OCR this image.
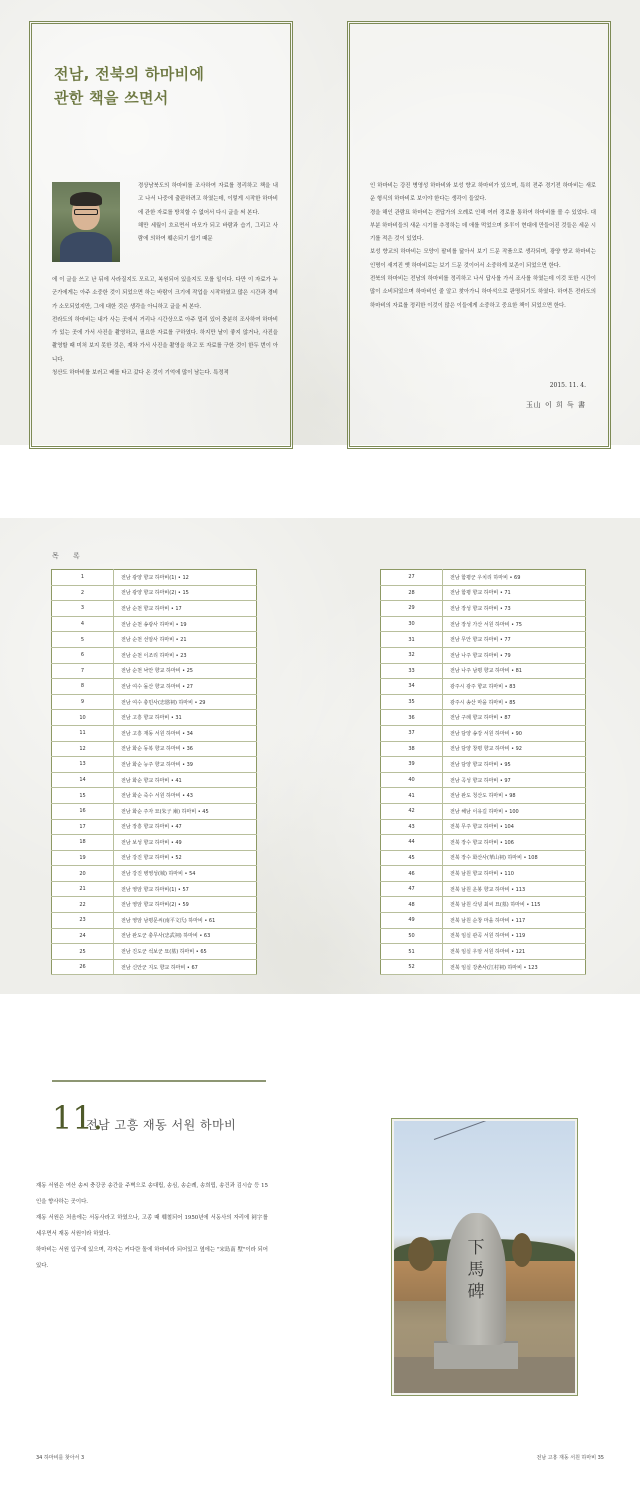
전남, 전북의 하마비에
관한 책을 쓰면서

경상남북도의 하마비를 조사하여 자료를 정리하고 책을 내고 나서 나중에 출판하려고 하였는데, 이렇게 시작한 하마비에 관한 자료를 방치할 수 없어서 다시 글을 써 본다.

해만 세월이 흐르면서 마모가 되고 바람과 습기, 그리고 사람에 의하여 훼손되기 쉽기 때문

에 이 글을 쓰고 난 뒤에 사라질지도 모르고, 복원되어 있을지도 모를 일이다. 다만 이 자료가 누군가에게는 아주 소중한 것이 되었으면 하는 바람이 크기에 작업을 시작하였고 많은 시간과 경비가 소모되었지만, 그에 대한 것은 생각을 아니하고 글을 써 본다.

전라도의 하마비는 내가 사는 곳에서 거리나 시간상으로 아주 멀리 있어 충분히 조사하여 하마비가 있는 곳에 가서 사진을 촬영하고, 필요한 자료를 구하였다. 하지만 날이 좋지 않거나, 사진을 촬영할 때 미처 보지 못한 것은, 재차 가서 사진을 촬영을 하고 또 자료를 구한 것이 한두 번이 아니다.

청산도 하마비를 보러고 배를 타고 갔다 온 것이 기억에 많이 남는다. 특정적

인 하마비는 강진 병영성 하마비와 보성 향교 하마비가 있으며, 특히 전주 경기전 하마비는 새로운 형식의 하마비로 보이야 한다는 생각이 들었다.

경을 해인 관람묘 하마비는 전답가의 오례로 인해 여러 경로를 통하여 하마비를 볼 수 있었다. 대부분 하마비들의 새운 시기를 추정하는 데 애를 먹었으며 多半이 현대에 만들어진 것들은 세운 시기를 적은 것이 있었다.

보성 향교의 하마비는 모양이 팔비를 닮아서 보기 드문 작품으로 생각되며, 광양 향교 하마비는 인명이 새겨진 옛 하마비로는 보기 드문 것이어서 소중하게 보존이 되었으면 한다.

전북의 하마비는 전남의 하마비를 정리하고 나서 답사를 가서 조사를 하였는데 이것 또한 시간이 많이 소비되었으며 하마비인 줄 알고 찾아가니 하마석으로 판명되기도 하였다. 하여튼 전라도의 하마비의 자료를 정리한 이것이 많은 이들에게 소중하고 중요한 책이 되었으면 한다.

2015. 11. 4.
玉山 이 희 득 書
목 록
1	전남 광양 향교 하마비(1) • 12
2	전남 광양 향교 하마비(2) • 15
3	전남 순천 향교 하마비 • 17
4	전남 순천 송광사 하마비 • 19
5	전남 순천 선암사 하마비 • 21
6	전남 순천 이조리 하마비 • 23
7	전남 순천 낙안 향교 하마비 • 25
8	전남 여수 돌산 향교 하마비 • 27
9	전남 여수 충민사(忠愍祠) 하마비 • 29
10	전남 고흥 향교 하마비 • 31
11	전남 고흥 재동 서원 하마비 • 34
12	전남 화순 동복 향교 하마비 • 36
13	전남 화순 능주 향교 하마비 • 39
14	전남 화순 향교 하마비 • 41
15	전남 화순 죽수 서원 하마비 • 43
16	전남 화순 주자 묘(朱子 廟) 하마비 • 45
17	전남 장흥 향교 하마비 • 47
18	전남 보성 향교 하마비 • 49
19	전남 강진 향교 하마비 • 52
20	전남 강진 병영성(城) 하마비 • 54
21	전남 영암 향교 하마비(1) • 57
22	전남 영암 향교 하마비(2) • 59
23	전남 영암 남평문씨(南平文氏) 하마비 • 61
24	전남 완도군 충무사(忠武祠) 하마비 • 63
25	전남 진도군 석보군 묘(墓) 하마비 • 65
26	전남 신안군 지도 향교 하마비 • 67
27	전남 함평군 우치리 하마비 • 69
28	전남 함평 향교 하마비 • 71
29	전남 장성 향교 하마비 • 73
30	전남 장성 가산 서원 하마비 • 75
31	전남 무안 향교 하마비 • 77
32	전남 나주 향교 하마비 • 79
33	전남 나주 남평 향교 하마비 • 81
34	광주시 광주 향교 하마비 • 83
35	광주시 송산 마을 하마비 • 85
36	전남 구례 향교 하마비 • 87
37	전남 담양 송강 서원 하마비 • 90
38	전남 담양 창평 향교 하마비 • 92
39	전남 담양 향교 하마비 • 95
40	전남 곡성 향교 하마비 • 97
41	전남 완도 청산도 하마비 • 98
42	전남 해남 이유길 하마비 • 100
43	전북 무주 향교 하마비 • 104
44	전북 장수 향교 하마비 • 106
45	전북 장수 화산사(華山祠) 하마비 • 108
46	전북 남원 향교 하마비 • 110
47	전북 남원 운봉 향교 하마비 • 113
48	전북 남원 삭녕 최씨 묘(墓) 하마비 • 115
49	전북 남원 순창 마을 하마비 • 117
50	전북 임실 관곡 서원 하마비 • 119
51	전북 임실 우암 서원 하마비 • 121
52	전북 임실 강촌사(江村祠) 하마비 • 123
11.
전남 고흥 재동 서원 하마비

재동 서원은 여산 송씨 충강공 송간을 주벽으로 송대립, 송심, 송순례, 송희립, 송건과 김시습 등 15인을 향사하는 곳이다.

재동 서원은 처음에는 서동사라고 하였으나, 고종 때 훼철되어 1950년에 서동사의 자리에 祠字를 세우면서 재동 서원이라 하였다.

하마비는 서원 입구에 있으며, 각자는 커다란 돌에 하마비라 되어있고 옆에는 "宋島南 墅"이라 되어있다.

下
馬
碑
34 하마비를 찾아서 3	전남 고흥 재동 서원 하마비 35
